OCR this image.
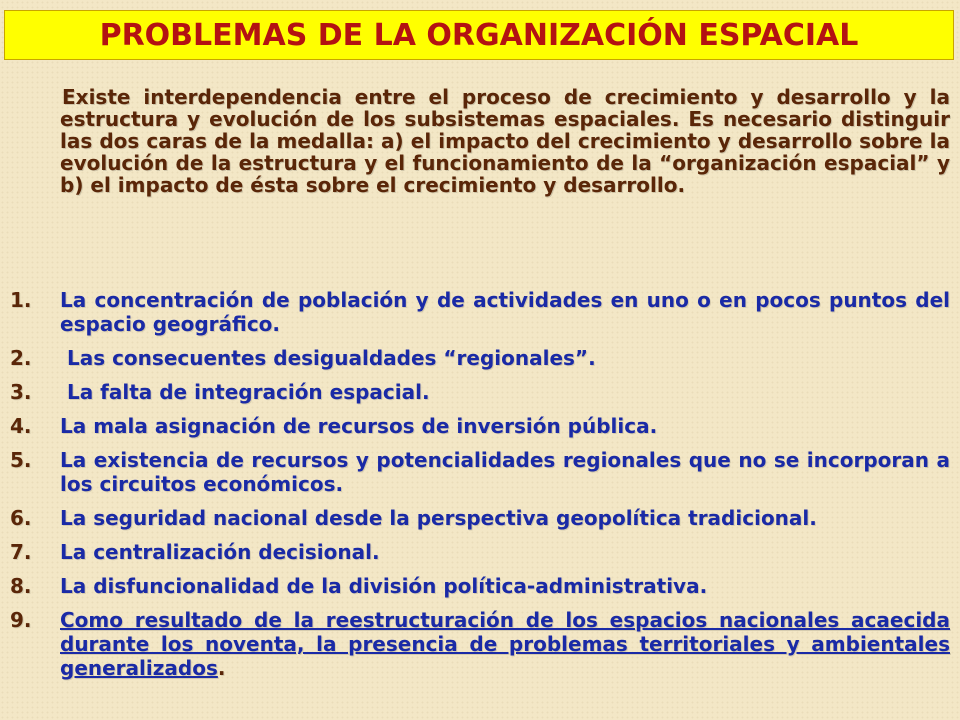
PROBLEMAS DE LA ORGANIZACIÓN ESPACIAL
Existe interdependencia entre el proceso de crecimiento y desarrollo y la estructura y evolución de los subsistemas espaciales. Es necesario distinguir las dos caras de la medalla: a) el impacto del crecimiento y desarrollo sobre la evolución de la estructura y el funcionamiento de la “organización espacial” y b) el impacto de ésta sobre el crecimiento y desarrollo.
1.	La concentración de población y de actividades en uno o en pocos puntos del espacio geográfico.
2.	Las consecuentes desigualdades “regionales”.
3.	La falta de integración espacial.
4.	La mala asignación de recursos de inversión pública.
5.	La existencia de recursos y potencialidades regionales que no se incorporan a los circuitos económicos.
6.	La seguridad nacional desde la perspectiva geopolítica tradicional.
7.	La centralización decisional.
8.	La disfuncionalidad de la división política-administrativa.
9.	Como resultado de la reestructuración de los espacios nacionales acaecida durante los noventa, la presencia de problemas territoriales y ambientales generalizados.
